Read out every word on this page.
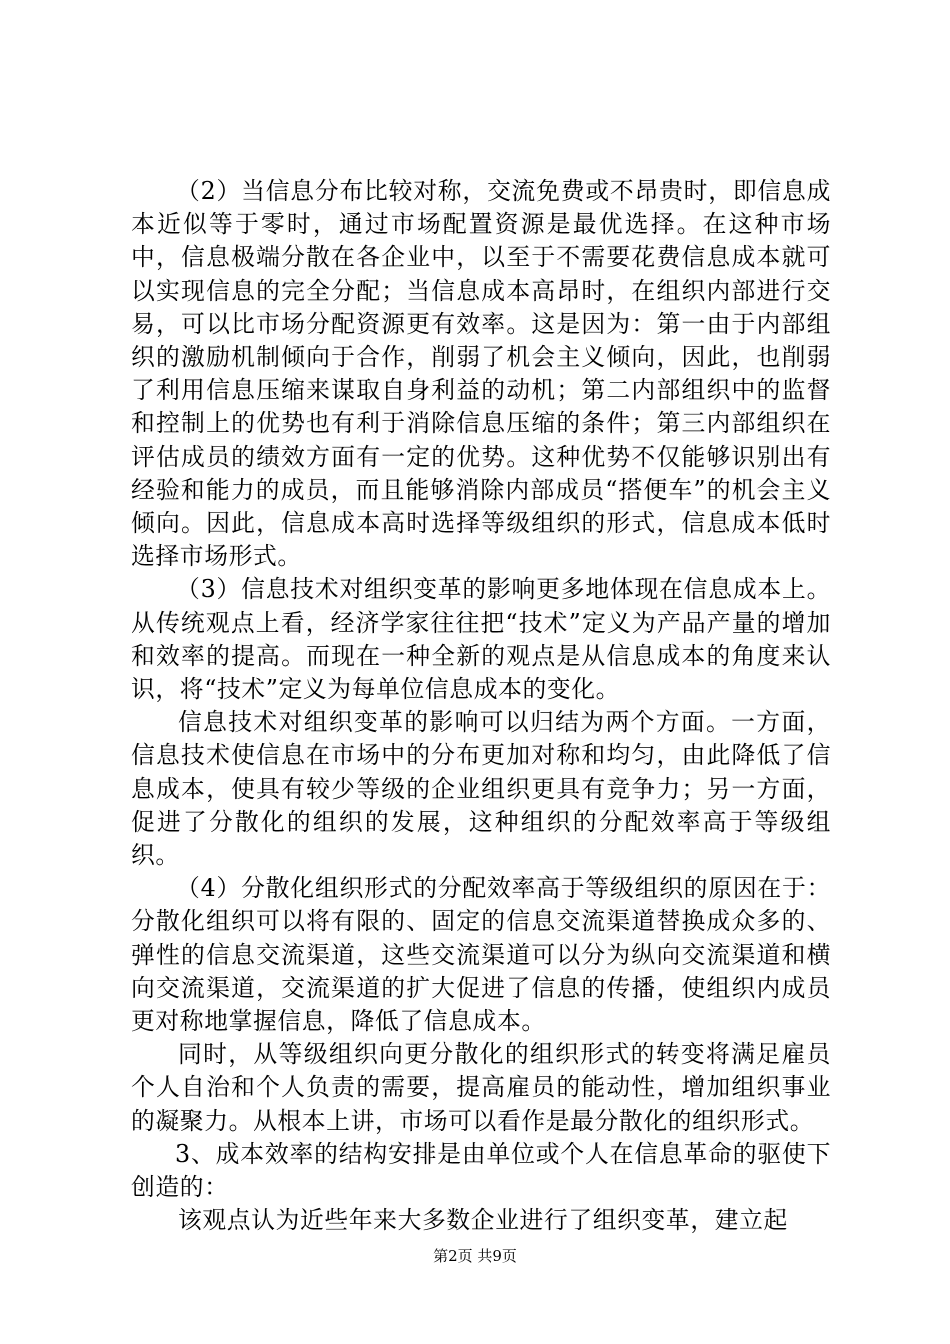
（2）当信息分布比较对称，交流免费或不昂贵时，即信息成本近似等于零时，通过市场配置资源是最优选择。在这种市场中，信息极端分散在各企业中，以至于不需要花费信息成本就可以实现信息的完全分配；当信息成本高昂时，在组织内部进行交易，可以比市场分配资源更有效率。这是因为：第一由于内部组织的激励机制倾向于合作，削弱了机会主义倾向，因此，也削弱了利用信息压缩来谋取自身利益的动机；第二内部组织中的监督和控制上的优势也有利于消除信息压缩的条件；第三内部组织在评估成员的绩效方面有一定的优势。这种优势不仅能够识别出有经验和能力的成员，而且能够消除内部成员“搭便车”的机会主义倾向。因此，信息成本高时选择等级组织的形式，信息成本低时选择市场形式。

（3）信息技术对组织变革的影响更多地体现在信息成本上。从传统观点上看，经济学家往往把“技术”定义为产品产量的增加和效率的提高。而现在一种全新的观点是从信息成本的角度来认识，将“技术”定义为每单位信息成本的变化。

信息技术对组织变革的影响可以归结为两个方面。一方面，信息技术使信息在市场中的分布更加对称和均匀，由此降低了信息成本，使具有较少等级的企业组织更具有竞争力；另一方面，促进了分散化的组织的发展，这种组织的分配效率高于等级组织。

（4）分散化组织形式的分配效率高于等级组织的原因在于：分散化组织可以将有限的、固定的信息交流渠道替换成众多的、弹性的信息交流渠道，这些交流渠道可以分为纵向交流渠道和横向交流渠道，交流渠道的扩大促进了信息的传播，使组织内成员更对称地掌握信息，降低了信息成本。

同时，从等级组织向更分散化的组织形式的转变将满足雇员个人自治和个人负责的需要，提高雇员的能动性，增加组织事业的凝聚力。从根本上讲，市场可以看作是最分散化的组织形式。

3、成本效率的结构安排是由单位或个人在信息革命的驱使下创造的：

该观点认为近些年来大多数企业进行了组织变革，建立起

第2页 共9页
